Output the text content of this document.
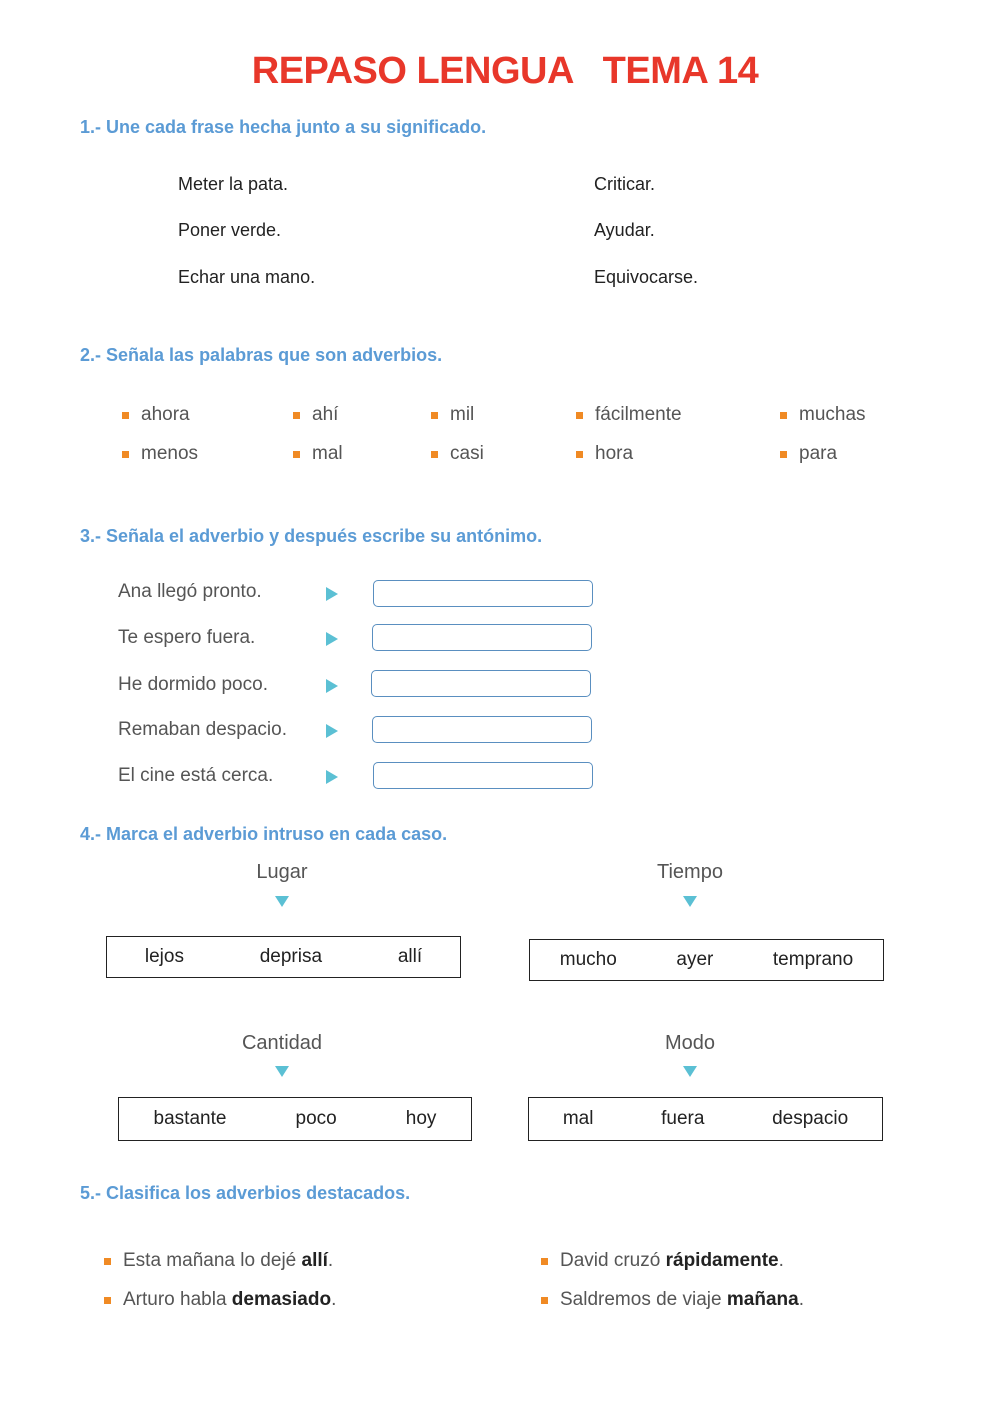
REPASO LENGUA   TEMA 14
1.- Une cada frase hecha junto a su significado.
Meter la pata.
Poner verde.
Echar una mano.
Criticar.
Ayudar.
Equivocarse.
2.- Señala las palabras que son adverbios.
ahora	ahí	mil	fácilmente	muchas
menos	mal	casi	hora	para
3.- Señala el adverbio y después escribe su antónimo.
Ana llegó pronto.
Te espero fuera.
He dormido poco.
Remaban despacio.
El cine está cerca.
4.- Marca el adverbio intruso en cada caso.
Lugar
lejos	deprisa	allí
Tiempo
mucho	ayer	temprano
Cantidad
bastante	poco	hoy
Modo
mal	fuera	despacio
5.- Clasifica los adverbios destacados.
Esta mañana lo dejé allí .	David cruzó rápidamente .
Arturo habla demasiado .	Saldremos de viaje mañana .
